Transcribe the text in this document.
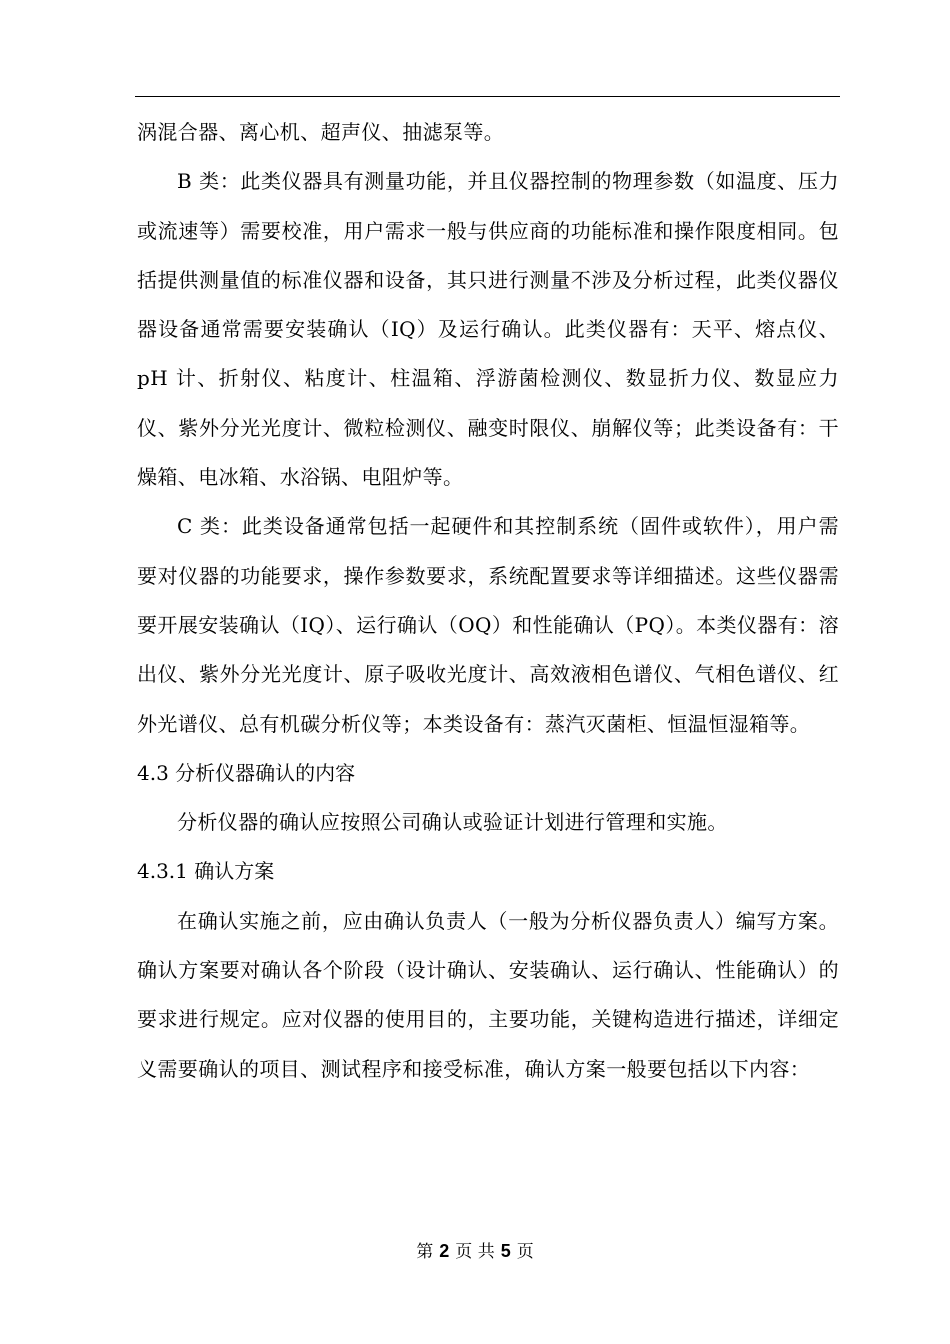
涡混合器、离心机、超声仪、抽滤泵等。

B 类：此类仪器具有测量功能，并且仪器控制的物理参数（如温度、压力或流速等）需要校准，用户需求一般与供应商的功能标准和操作限度相同。包括提供测量值的标准仪器和设备，其只进行测量不涉及分析过程，此类仪器仪器设备通常需要安装确认（IQ）及运行确认。此类仪器有：天平、熔点仪、pH 计、折射仪、粘度计、柱温箱、浮游菌检测仪、数显折力仪、数显应力仪、紫外分光光度计、微粒检测仪、融变时限仪、崩解仪等；此类设备有：干燥箱、电冰箱、水浴锅、电阻炉等。

C 类：此类设备通常包括一起硬件和其控制系统（固件或软件），用户需要对仪器的功能要求，操作参数要求，系统配置要求等详细描述。这些仪器需要开展安装确认（IQ）、运行确认（OQ）和性能确认（PQ）。本类仪器有：溶出仪、紫外分光光度计、原子吸收光度计、高效液相色谱仪、气相色谱仪、红外光谱仪、总有机碳分析仪等；本类设备有：蒸汽灭菌柜、恒温恒湿箱等。

4.3 分析仪器确认的内容

分析仪器的确认应按照公司确认或验证计划进行管理和实施。

4.3.1 确认方案

在确认实施之前，应由确认负责人（一般为分析仪器负责人）编写方案。确认方案要对确认各个阶段（设计确认、安装确认、运行确认、性能确认）的要求进行规定。应对仪器的使用目的，主要功能，关键构造进行描述，详细定义需要确认的项目、测试程序和接受标准，确认方案一般要包括以下内容：

第 2 页 共 5 页
